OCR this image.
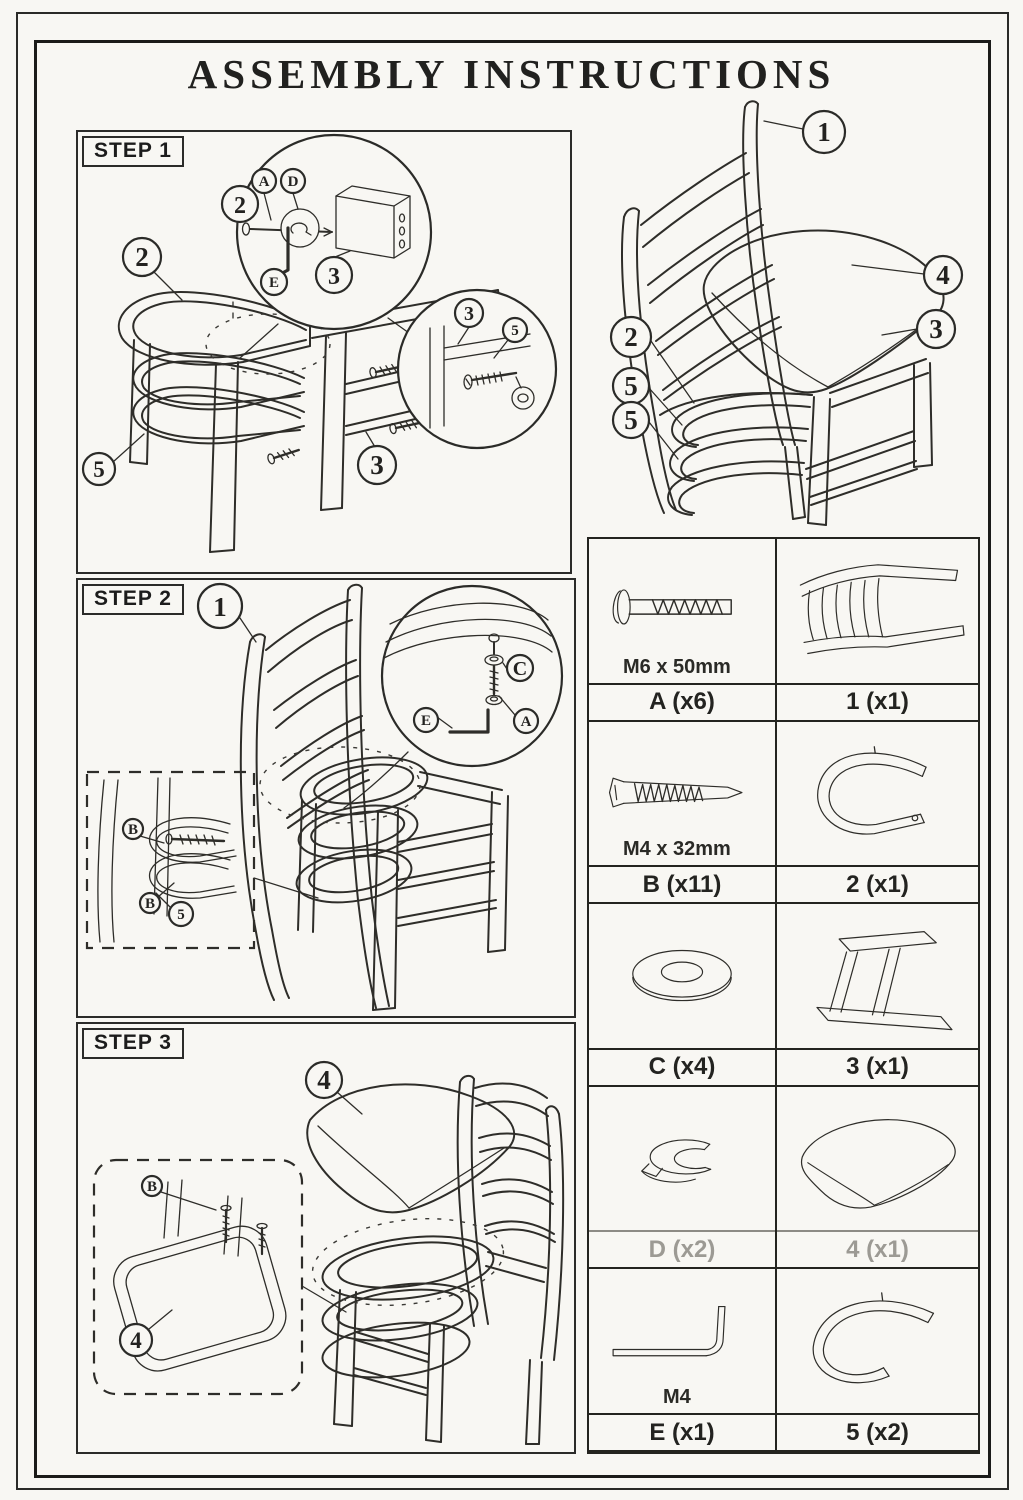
ASSEMBLY INSTRUCTIONS
1
4
3
2
5
5
2
A D
E 3
3
5
2
5	3
STEP 1
B
B
5
C
E	A
1
STEP 2
4
B
4
STEP 3
M6 x 50mm
A (x6)	1 (x1)
M4 x 32mm
B (x11)	2 (x1)
C (x4)	3 (x1)
D (x2)	4 (x1)
M4
E (x1)	5 (x2)
